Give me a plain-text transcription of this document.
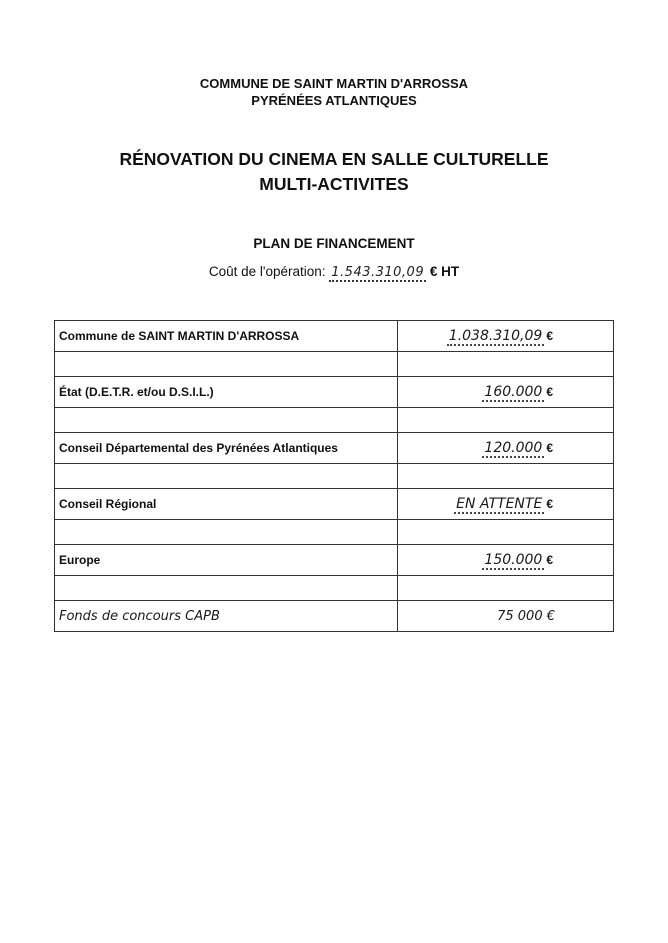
COMMUNE DE SAINT MARTIN D'ARROSSA
PYRÉNÉES ATLANTIQUES
RÉNOVATION DU CINEMA EN SALLE CULTURELLE
MULTI-ACTIVITES
PLAN DE FINANCEMENT
Coût de l'opération: 1.543.310,09 € HT
Commune de SAINT MARTIN D'ARROSSA	1.038.310,09 €

État (D.E.T.R. et/ou D.S.I.L.)	160.000 €

Conseil Départemental des Pyrénées Atlantiques	120.000 €

Conseil Régional	EN ATTENTE €

Europe	150.000 €

Fonds de concours CAPB	75 000 €
